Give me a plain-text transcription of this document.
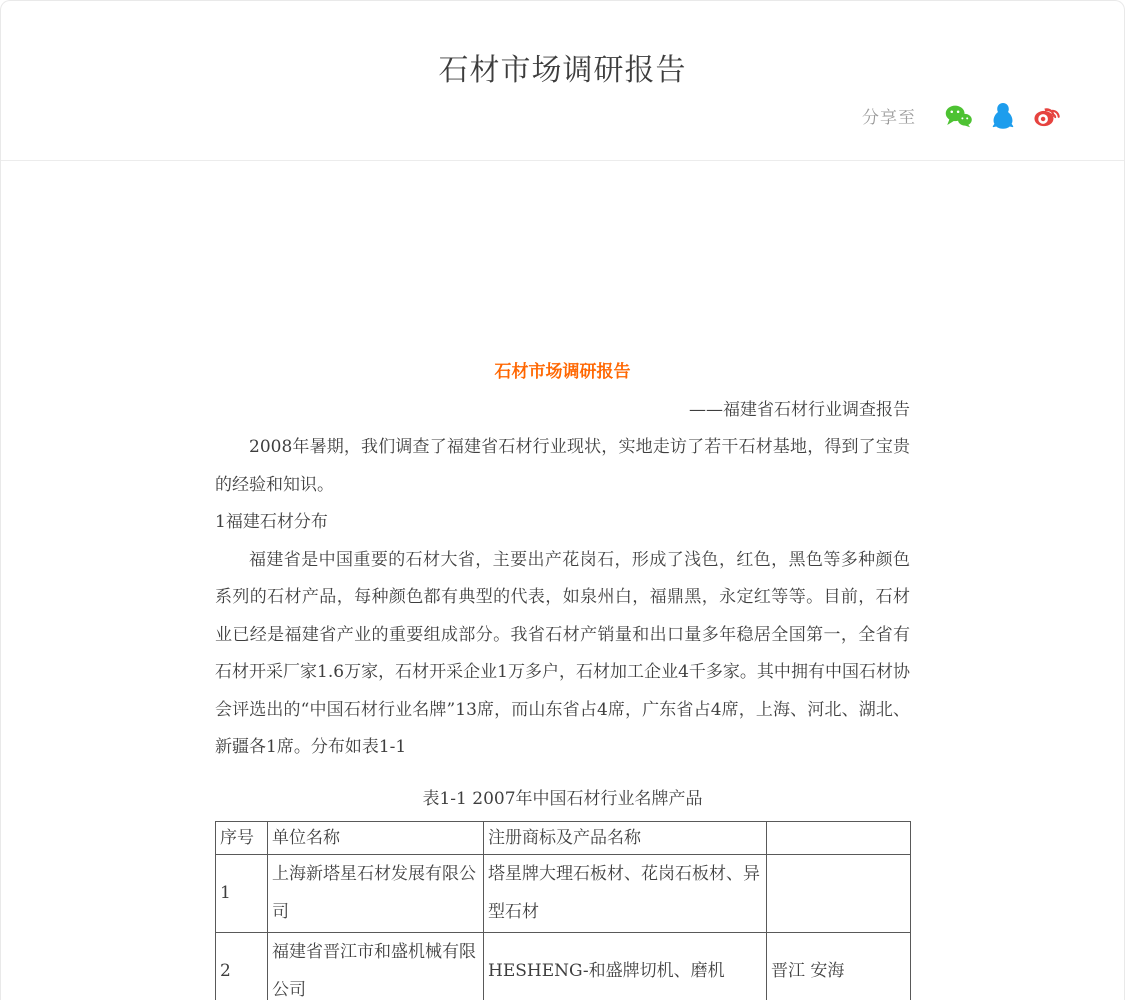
石材市场调研报告
分享至
石材市场调研报告
——福建省石材行业调查报告

2008年暑期，我们调查了福建省石材行业现状，实地走访了若干石材基地，得到了宝贵的经验和知识。

1福建石材分布

福建省是中国重要的石材大省，主要出产花岗石，形成了浅色，红色，黑色等多种颜色系列的石材产品，每种颜色都有典型的代表，如泉州白，福鼎黑，永定红等等。目前，石材业已经是福建省产业的重要组成部分。我省石材产销量和出口量多年稳居全国第一，全省有石材开采厂家1.6万家，石材开采企业1万多户，石材加工企业4千多家。其中拥有中国石材协会评选出的“中国石材行业名牌”13席，而山东省占4席，广东省占4席，上海、河北、湖北、新疆各1席。分布如表1-1

表1-1 2007年中国石材行业名牌产品
序号	单位名称	注册商标及产品名称	
1	上海新塔星石材发展有限公司	塔星牌大理石板材、花岗石板材、异型石材	
2	福建省晋江市和盛机械有限公司	HESHENG-和盛牌切机、磨机	晋江 安海
